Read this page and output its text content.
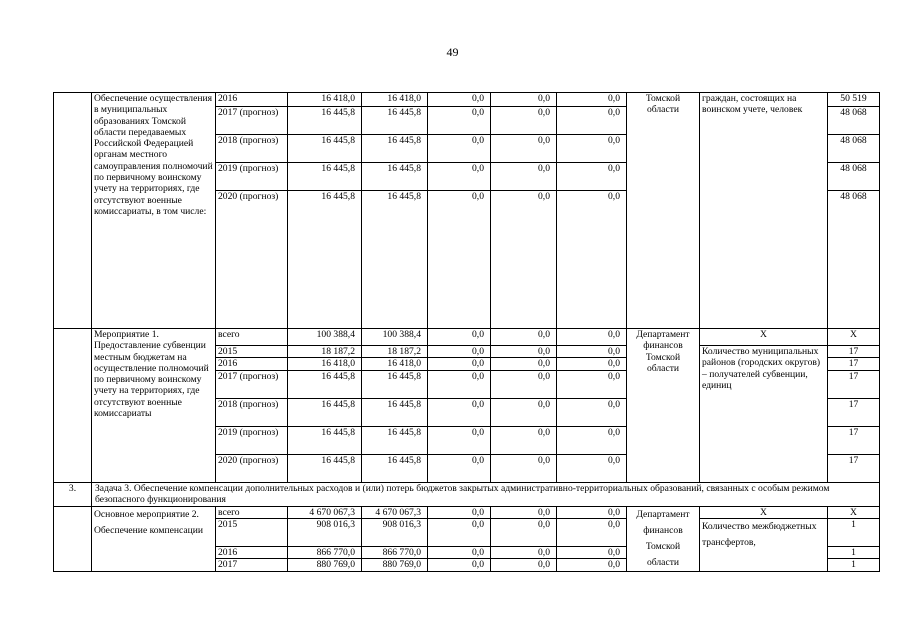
49
	Обеспечение осуществления в муниципальных образованиях Томской области передаваемых Российской Федерацией органам местного самоуправления полномочий по первичному воинскому учету на территориях, где отсутствуют военные комиссариаты, в том числе:	2016	16 418,0	16 418,0	0,0	0,0	0,0	Томской области	граждан, состоящих на воинском учете, человек	50 519
		2017 (прогноз)	16 445,8	16 445,8	0,0	0,0	0,0			48 068
		2018 (прогноз)	16 445,8	16 445,8	0,0	0,0	0,0			48 068
		2019 (прогноз)	16 445,8	16 445,8	0,0	0,0	0,0			48 068
		2020 (прогноз)	16 445,8	16 445,8	0,0	0,0	0,0			48 068
	Мероприятие 1. Предоставление субвенции местным бюджетам на осуществление полномочий по первичному воинскому учету на территориях, где отсутствуют военные комиссариаты	всего	100 388,4	100 388,4	0,0	0,0	0,0	Департамент финансов Томской области	Х	Х
		2015	18 187,2	18 187,2	0,0	0,0	0,0		Количество муниципальных районов (городских округов) – получателей субвенции, единиц	17
		2016	16 418,0	16 418,0	0,0	0,0	0,0			17
		2017 (прогноз)	16 445,8	16 445,8	0,0	0,0	0,0			17
		2018 (прогноз)	16 445,8	16 445,8	0,0	0,0	0,0			17
		2019 (прогноз)	16 445,8	16 445,8	0,0	0,0	0,0			17
		2020 (прогноз)	16 445,8	16 445,8	0,0	0,0	0,0			17
3.	Задача 3. Обеспечение компенсации дополнительных расходов и (или) потерь бюджетов закрытых административно-территориальных образований, связанных с особым режимом безопасного функционирования									
	Основное мероприятие 2. Обеспечение компенсации	всего	4 670 067,3	4 670 067,3	0,0	0,0	0,0	Департамент финансов Томской области	Х	Х
		2015	908 016,3	908 016,3	0,0	0,0	0,0		Количество межбюджетных трансфертов,	1
		2016	866 770,0	866 770,0	0,0	0,0	0,0			1
		2017	880 769,0	880 769,0	0,0	0,0	0,0			1
